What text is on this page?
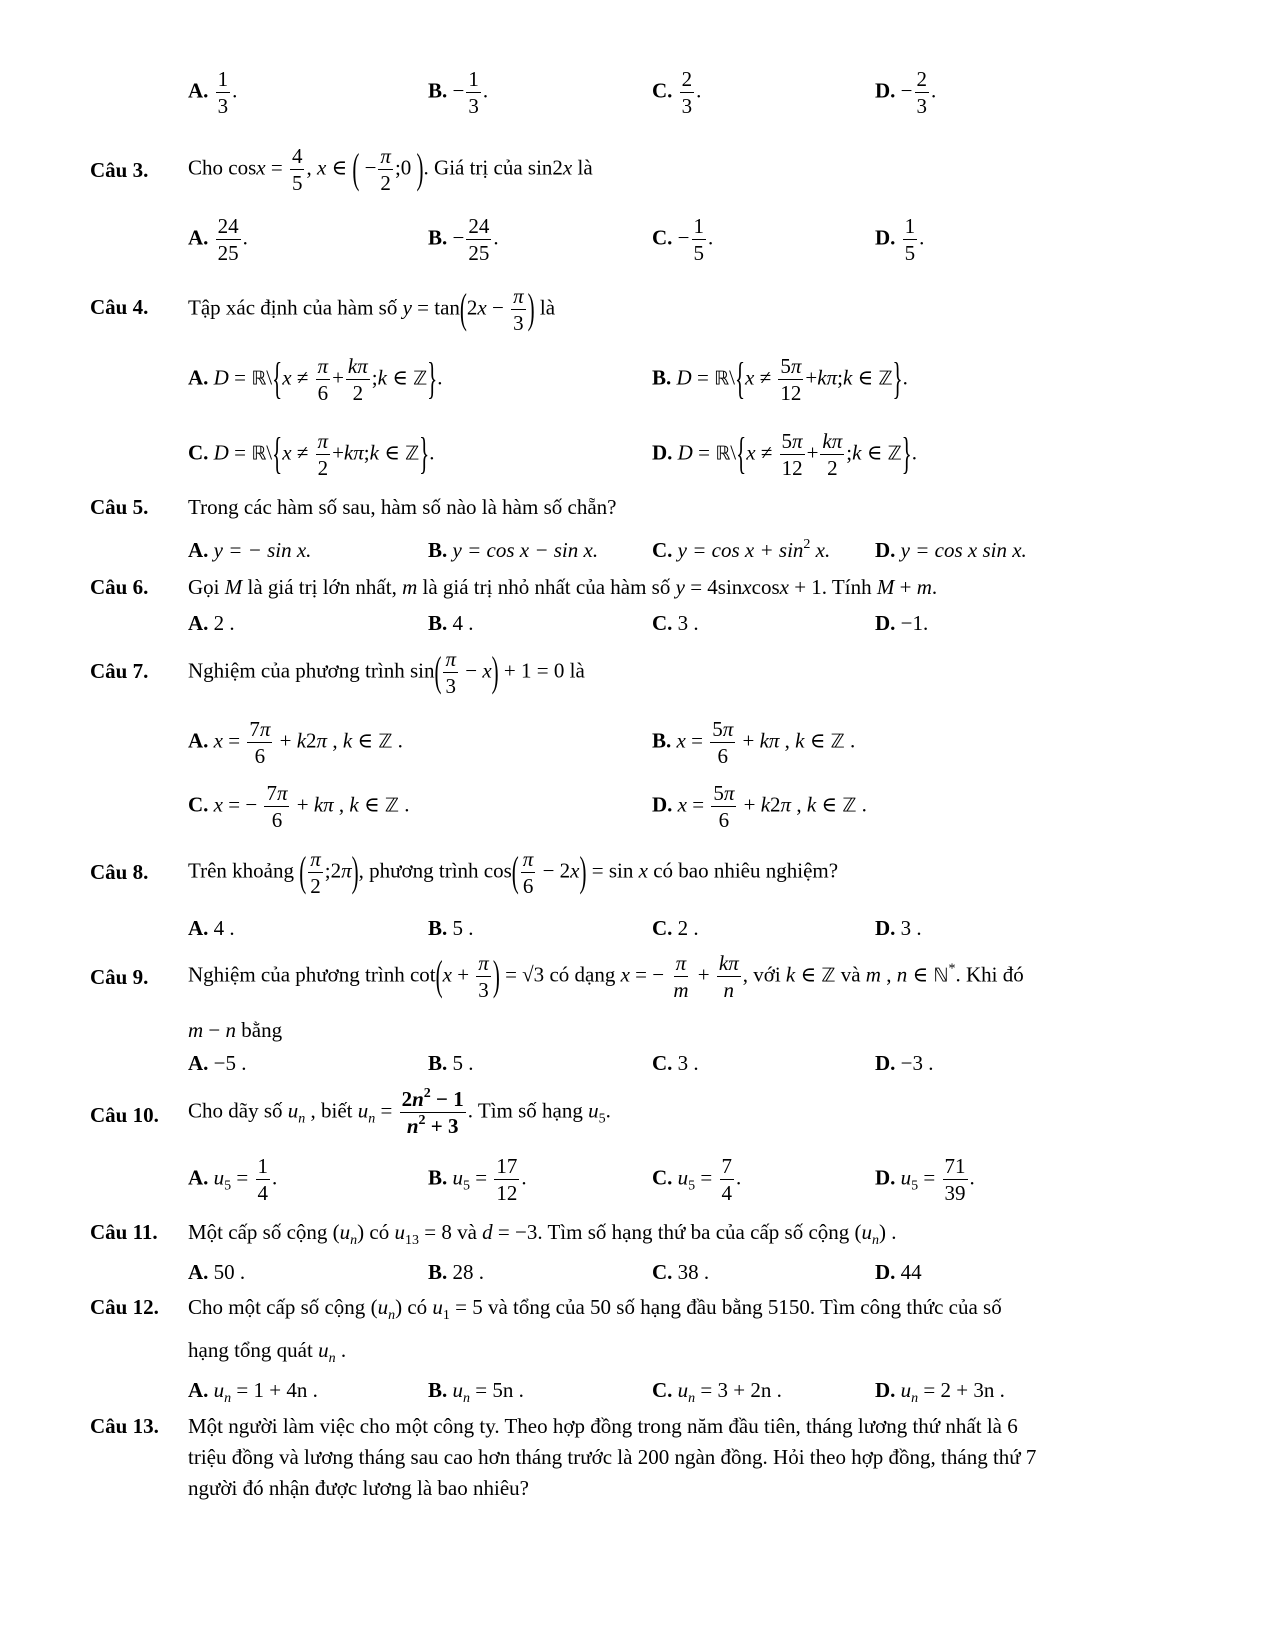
A. $\frac{1}{3}$ .	B. − $\frac{1}{3}$ .	C. $\frac{2}{3}$ .	D. − $\frac{2}{3}$ .
Câu 3. Cho $\cos x = \frac{4}{5}$ , x ∈ ( − $\frac{\pi}{2}$ ;0 ). Giá trị của sin2x là
A. $\frac{24}{25}$ .	B. − $\frac{24}{25}$ .	C. − $\frac{1}{5}$ .	D. $\frac{1}{5}$ .
Câu 4. Tập xác định của hàm số $y = \tan(2x - \frac{\pi}{3}$ ) là
A. D = ℝ\{x ≠ $\frac{\pi}{6} + \frac{k\pi}{2}$ ;k ∈ ℤ}.	B. D = ℝ\{x ≠ $\frac{5\pi}{12}$ +kπ;k ∈ ℤ}.
C. D = ℝ\{x ≠ $\frac{\pi}{2}$ +kπ;k ∈ ℤ}.	D. D = ℝ\{x ≠ $\frac{5\pi}{12} + \frac{k\pi}{2}$ ;k ∈ ℤ}.
Câu 5. Trong các hàm số sau, hàm số nào là hàm số chẵn?
A. y = − sin x.	B. y = cos x − sin x.	C. $y = \cos x + \sin^2 x$. D. y = cos x sin x.
Câu 6. Gọi M là giá trị lớn nhất, m là giá trị nhỏ nhất của hàm số y = 4sinxcosx + 1. Tính M + m.
A. 2 .	B. 4 .	C. 3 .	D. −1.
Câu 7. Nghiệm của phương trình $\sin( \frac{\pi}{3} - x) + 1 = 0$ là
A. $x = \frac{7\pi}{6} + k2\pi$ , k ∈ ℤ .	B. $x = \frac{5\pi}{6} + k\pi$ , k ∈ ℤ .
C. x = − $\frac{7\pi}{6} + k\pi$ , k ∈ ℤ .	D. $x = \frac{5\pi}{6} + k2\pi$ , k ∈ ℤ .
Câu 8. Trên khoảng ( $\frac{\pi}{2}$ ;2π), phương trình $\cos( \frac{\pi}{6} - 2x) = \sin x$ có bao nhiêu nghiệm?
A. 4 .	B. 5 .	C. 2 .	D. 3 .
Câu 9. Nghiệm của phương trình $\cot(x + \frac{\pi}{3}$ ) = √3 có dạng x = − $\frac{\pi}{m} + \frac{k\pi}{n}$ , với k ∈ ℤ và m , n ∈ ℕ*. Khi đó
m − n bằng
A. −5 .	B. 5 .	C. 3 .	D. −3 .
Câu 10. Cho dãy số $u_n$ , biết $u_n = \frac{2n^2 - 1}{n^2 + 3}$ . Tìm số hạng $u_5$.
A. $u_5 = \frac{1}{4}$ .	B. $u_5 = \frac{17}{12}$ .	C. $u_5 = \frac{7}{4}$ .	D. $u_5 = \frac{71}{39}$ .
Câu 11. Một cấp số cộng $(u_n)$ có $u_{13} = 8$ và d = −3. Tìm số hạng thứ ba của cấp số cộng $(u_n)$ .
A. 50 .	B. 28 .	C. 38 .	D. 44
Câu 12. Cho một cấp số cộng $(u_n)$ có $u_1 = 5$ và tổng của 50 số hạng đầu bằng 5150. Tìm công thức của số
hạng tổng quát $u_n$ .
A. $u_n = 1 + 4n$ .	B. $u_n = 5n$ .	C. $u_n = 3 + 2n$ .	D. $u_n = 2 + 3n$ .
Câu 13. Một người làm việc cho một công ty. Theo hợp đồng trong năm đầu tiên, tháng lương thứ nhất là 6
triệu đồng và lương tháng sau cao hơn tháng trước là 200 ngàn đồng. Hỏi theo hợp đồng, tháng thứ 7
người đó nhận được lương là bao nhiêu?
